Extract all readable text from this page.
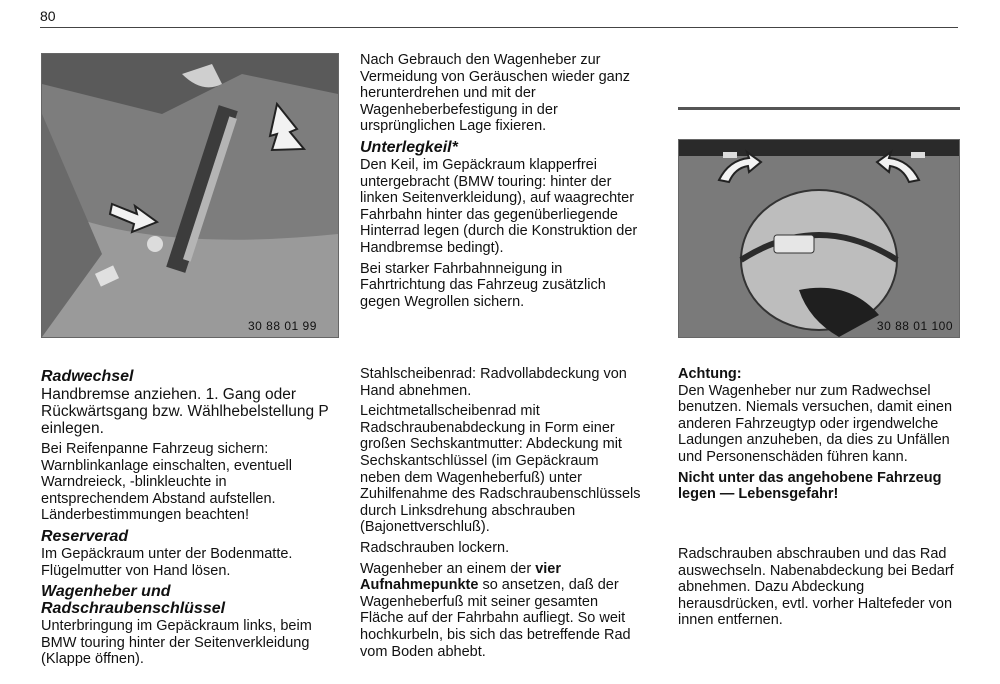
80
30 88 01 99	30 88 01 100

Nach Gebrauch den Wagenheber zur Vermeidung von Geräuschen wieder ganz herunterdrehen und mit der Wagenheberbefestigung in der ursprünglichen Lage fixieren.

Unterlegkeil*

Den Keil, im Gepäckraum klapperfrei untergebracht (BMW touring: hinter der linken Seitenverkleidung), auf waagrechter Fahrbahn hinter das gegenüberliegende Hinterrad legen (durch die Konstruktion der Handbremse bedingt).

Bei starker Fahrbahnneigung in Fahrtrichtung das Fahrzeug zusätzlich gegen Wegrollen sichern.

Radwechsel

Handbremse anziehen. 1. Gang oder Rückwärtsgang bzw. Wählhebelstellung P einlegen.

Bei Reifenpanne Fahrzeug sichern: Warnblinkanlage einschalten, eventuell Warndreieck, -blinkleuchte in entsprechendem Abstand aufstellen. Länderbestimmungen beachten!

Reserverad

Im Gepäckraum unter der Bodenmatte. Flügelmutter von Hand lösen.

Wagenheber und Radschraubenschlüssel

Unterbringung im Gepäckraum links, beim BMW touring hinter der Seitenverkleidung (Klappe öffnen).

Stahlscheibenrad: Radvollabdeckung von Hand abnehmen.

Leichtmetallscheibenrad mit Radschraubenabdeckung in Form einer großen Sechskantmutter: Abdeckung mit Sechskantschlüssel (im Gepäckraum neben dem Wagenheberfuß) unter Zuhilfenahme des Radschraubenschlüssels durch Linksdrehung abschrauben (Bajonettverschluß).

Radschrauben lockern.

Wagenheber an einem der vier Aufnahmepunkte so ansetzen, daß der Wagenheberfuß mit seiner gesamten Fläche auf der Fahrbahn aufliegt. So weit hochkurbeln, bis sich das betreffende Rad vom Boden abhebt.

Achtung:

Den Wagenheber nur zum Radwechsel benutzen. Niemals versuchen, damit einen anderen Fahrzeugtyp oder irgendwelche Ladungen anzuheben, da dies zu Unfällen und Personenschäden führen kann.

Nicht unter das angehobene Fahrzeug legen — Lebensgefahr!

Radschrauben abschrauben und das Rad auswechseln. Nabenabdeckung bei Bedarf abnehmen. Dazu Abdeckung herausdrücken, evtl. vorher Haltefeder von innen entfernen.
